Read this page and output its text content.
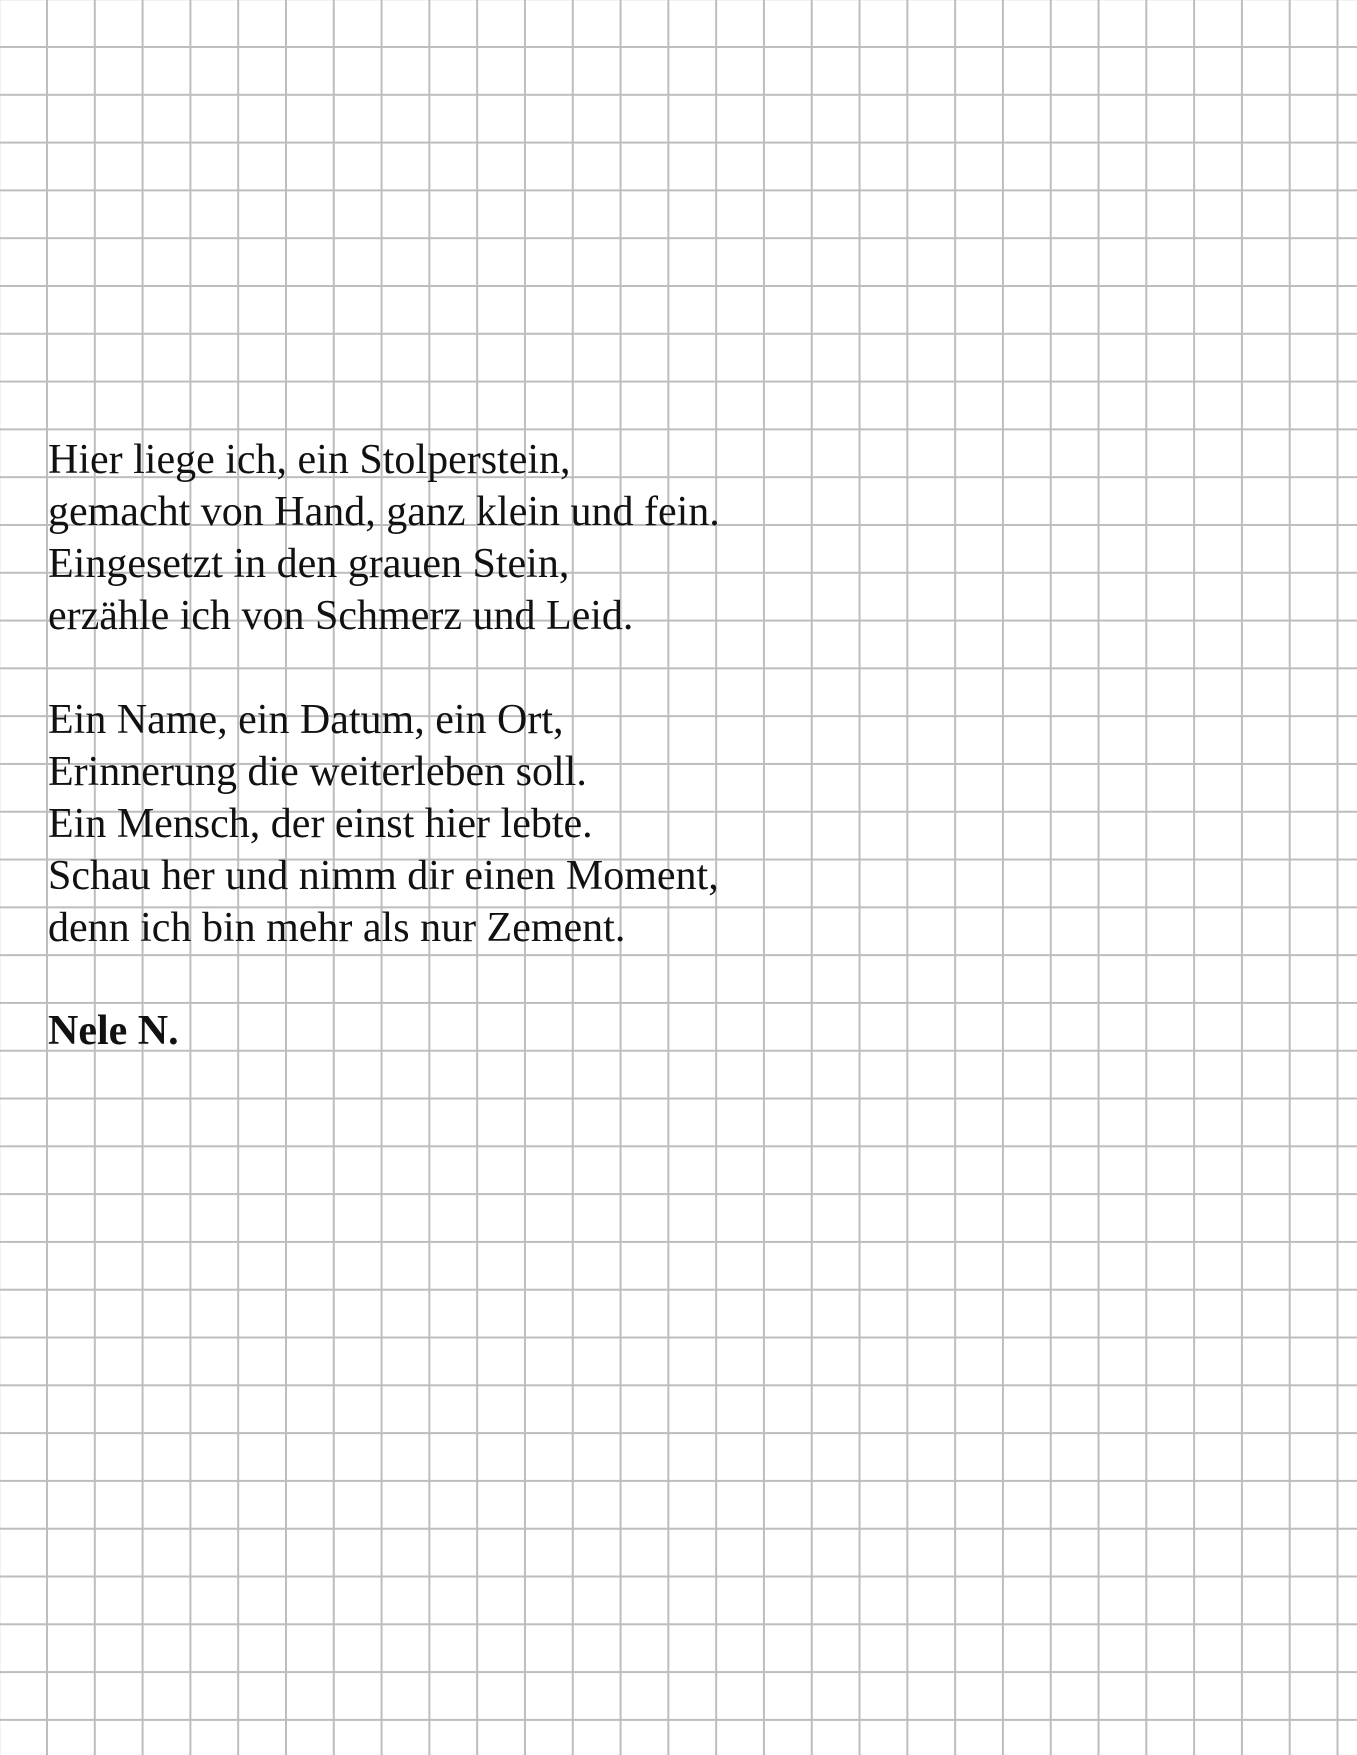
Hier liege ich, ein Stolperstein,
gemacht von Hand, ganz klein und fein.
Eingesetzt in den grauen Stein,
erzähle ich von Schmerz und Leid.
Ein Name, ein Datum, ein Ort,
Erinnerung die weiterleben soll.
Ein Mensch, der einst hier lebte.
Schau her und nimm dir einen Moment,
denn ich bin mehr als nur Zement.
Nele N.
